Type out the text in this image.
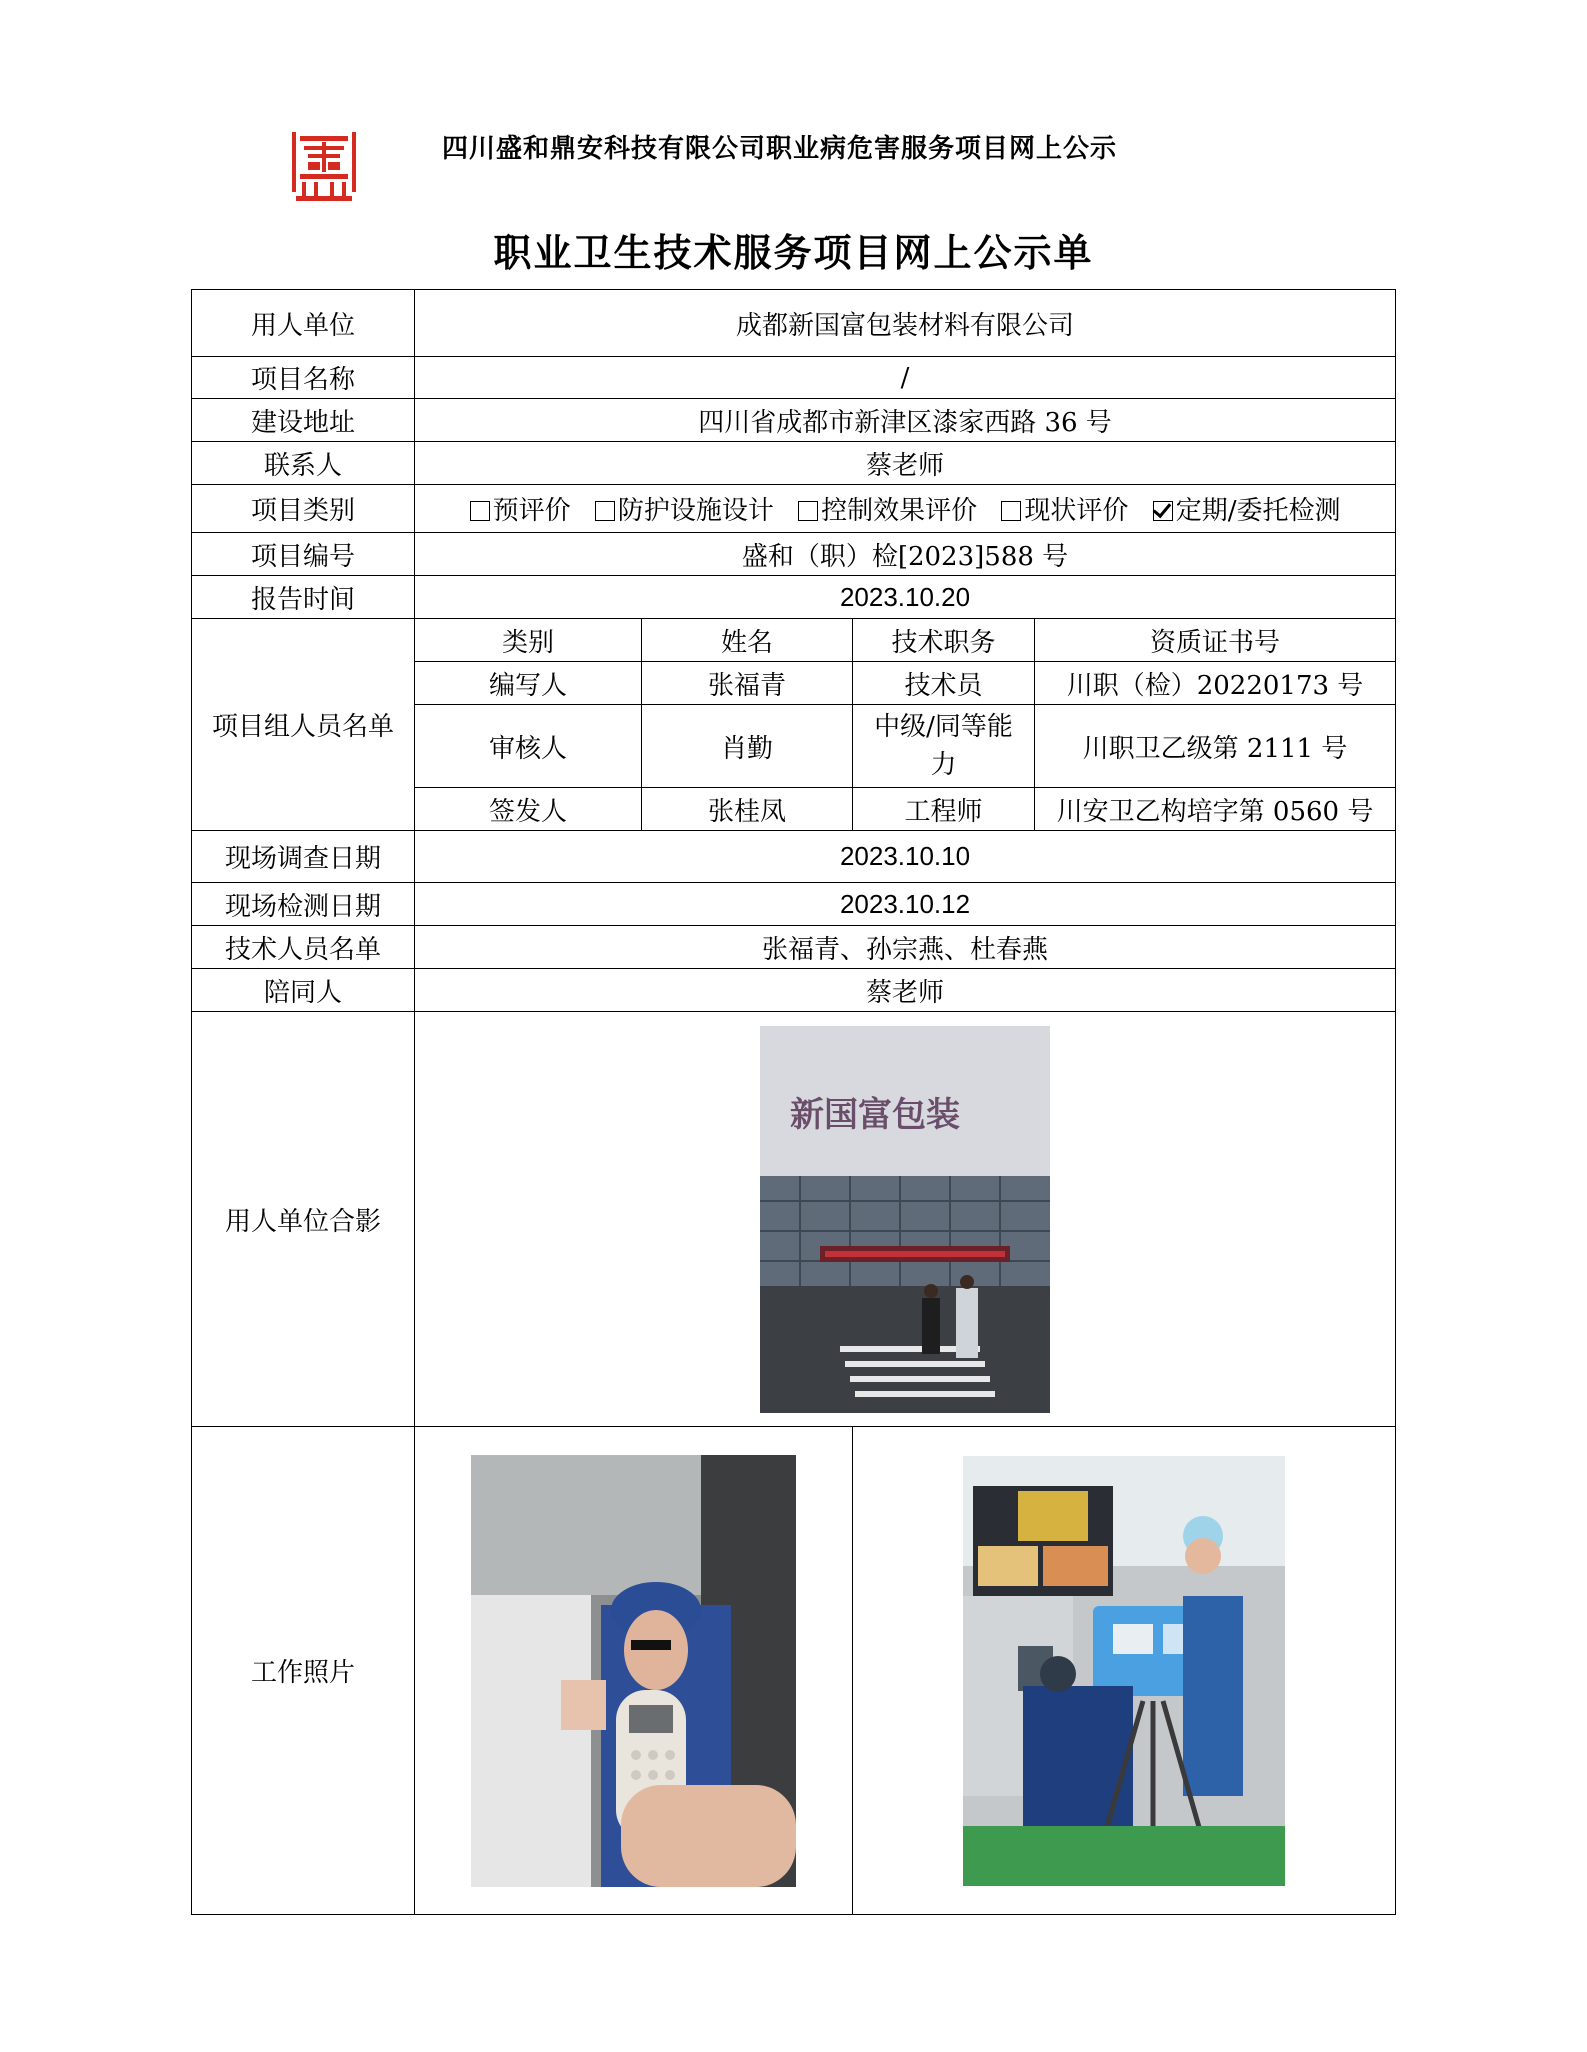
四川盛和鼎安科技有限公司职业病危害服务项目网上公示
职业卫生技术服务项目网上公示单
用人单位	成都新国富包装材料有限公司			
项目名称	/			
建设地址	四川省成都市新津区漆家西路 36 号			
联系人	蔡老师			
项目类别	预评价 防护设施设计 控制效果评价 现状评价 定期/委托检测			
项目编号	盛和（职）检[2023]588 号			
报告时间	2023.10.20			
项目组人员名单	类别	姓名	技术职务	资质证书号
	编写人	张福青	技术员	川职（检）20220173 号
	审核人	肖勤	中级/同等能力	川职卫乙级第 2111 号
	签发人	张桂凤	工程师	川安卫乙构培字第 0560 号
现场调查日期	2023.10.10			
现场检测日期	2023.10.12			
技术人员名单	张福青、孙宗燕、杜春燕			
陪同人	蔡老师			
用人单位合影	新国富包装			

工作照片	
